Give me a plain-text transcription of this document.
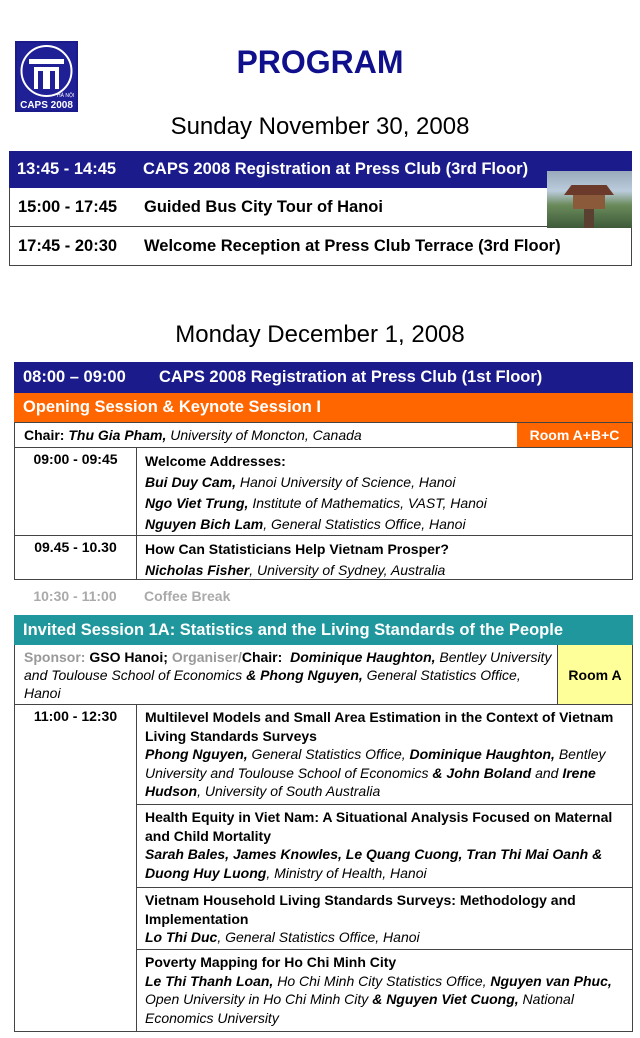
HÀ NỘI
CAPS 2008
PROGRAM
Sunday November 30, 2008
13:45 - 14:45	CAPS 2008 Registration at Press Club (3rd Floor)
15:00 - 17:45	Guided Bus City Tour of Hanoi
17:45 - 20:30	Welcome Reception at Press Club Terrace (3rd Floor)
Monday December 1, 2008
08:00 – 09:00	CAPS 2008 Registration at Press Club (1st Floor)
Opening Session & Keynote Session I
Chair: Thu Gia Pham, University of Moncton, Canada	Room A+B+C
09:00 - 09:45	Welcome Addresses:
Bui Duy Cam, Hanoi University of Science, Hanoi
Ngo Viet Trung, Institute of Mathematics, VAST, Hanoi
Nguyen Bich Lam, General Statistics Office, Hanoi
09.45 - 10.30	How Can Statisticians Help Vietnam Prosper?
Nicholas Fisher, University of Sydney, Australia
10:30 - 11:00	Coffee Break
Invited Session 1A: Statistics and the Living Standards of the People
Sponsor: GSO Hanoi; Organiser/Chair: Dominique Haughton, Bentley University and Toulouse School of Economics & Phong Nguyen, General Statistics Office, Hanoi
Room A
11:00 - 12:30	Multilevel Models and Small Area Estimation in the Context of Vietnam Living Standards Surveys
Phong Nguyen, General Statistics Office, Dominique Haughton, Bentley University and Toulouse School of Economics & John Boland and Irene Hudson, University of South Australia
Health Equity in Viet Nam: A Situational Analysis Focused on Maternal and Child Mortality
Sarah Bales, James Knowles, Le Quang Cuong, Tran Thi Mai Oanh & Duong Huy Luong, Ministry of Health, Hanoi
Vietnam Household Living Standards Surveys: Methodology and Implementation
Lo Thi Duc, General Statistics Office, Hanoi
Poverty Mapping for Ho Chi Minh City
Le Thi Thanh Loan, Ho Chi Minh City Statistics Office, Nguyen van Phuc, Open University in Ho Chi Minh City & Nguyen Viet Cuong, National Economics University
